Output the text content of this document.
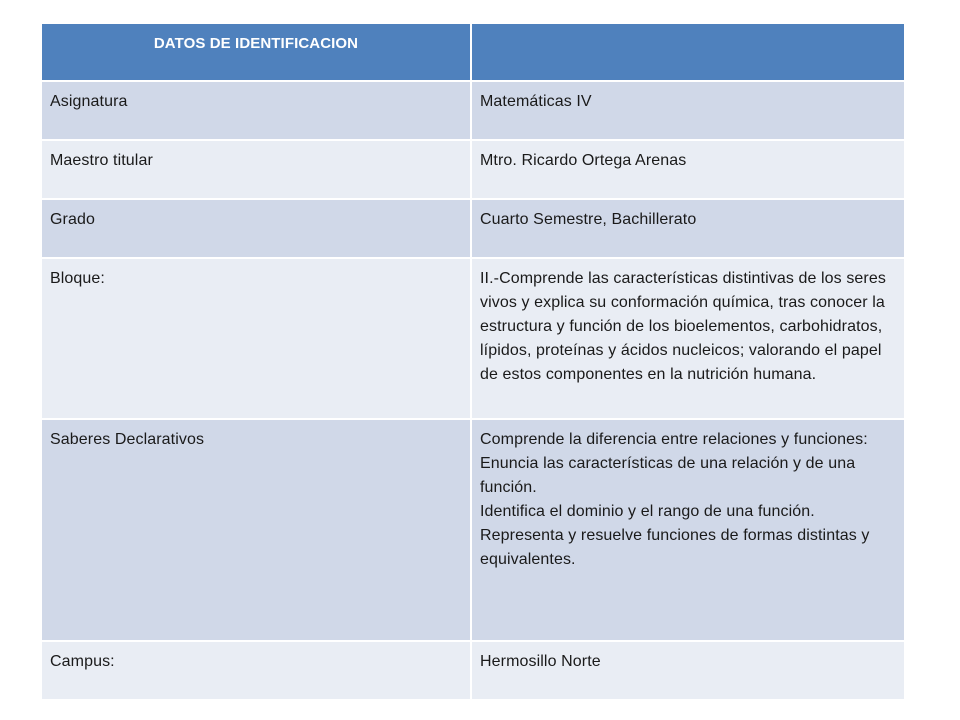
DATOS DE IDENTIFICACION	
Asignatura	Matemáticas IV

Maestro titular	Mtro. Ricardo Ortega Arenas

Grado	Cuarto Semestre, Bachillerato

Bloque:	II.-Comprende las características distintivas de los seres vivos y explica su conformación química, tras conocer la estructura y función de los bioelementos, carbohidratos, lípidos, proteínas y ácidos nucleicos; valorando el papel de estos componentes en la nutrición humana.

Saberes Declarativos	Comprende la diferencia entre relaciones y funciones:
Enuncia las características de una relación y de una función.
Identifica el dominio y el rango de una función.
Representa y resuelve funciones de formas distintas y equivalentes.

Campus:	Hermosillo Norte
